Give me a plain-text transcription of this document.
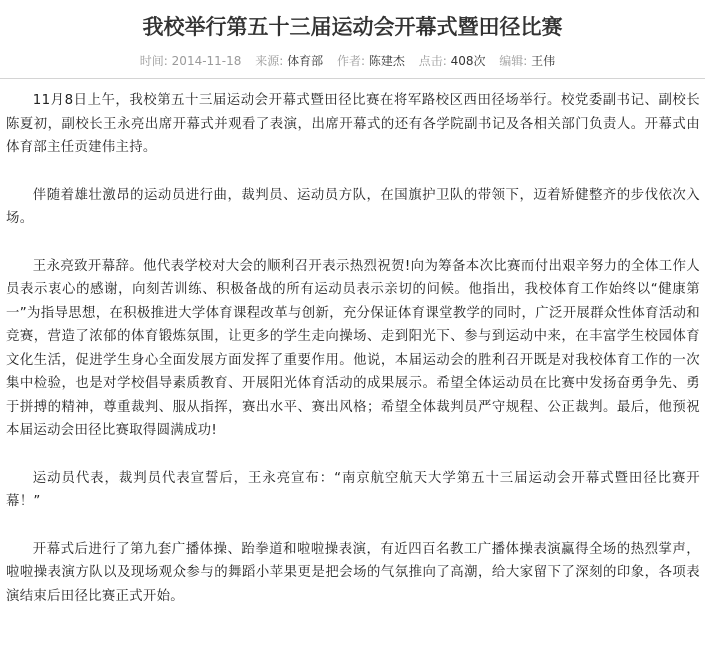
我校举行第五十三届运动会开幕式暨田径比赛
时间: 2014-11-18 来源: 体育部 作者: 陈建杰 点击: 408次 编辑: 王伟

11月8日上午，我校第五十三届运动会开幕式暨田径比赛在将军路校区西田径场举行。校党委副书记、副校长陈夏初，副校长王永亮出席开幕式并观看了表演，出席开幕式的还有各学院副书记及各相关部门负责人。开幕式由体育部主任贡建伟主持。

伴随着雄壮激昂的运动员进行曲，裁判员、运动员方队，在国旗护卫队的带领下，迈着矫健整齐的步伐依次入场。

王永亮致开幕辞。他代表学校对大会的顺利召开表示热烈祝贺!向为筹备本次比赛而付出艰辛努力的全体工作人员表示衷心的感谢，向刻苦训练、积极备战的所有运动员表示亲切的问候。他指出，我校体育工作始终以“健康第一”为指导思想，在积极推进大学体育课程改革与创新，充分保证体育课堂教学的同时，广泛开展群众性体育活动和竞赛，营造了浓郁的体育锻炼氛围，让更多的学生走向操场、走到阳光下、参与到运动中来，在丰富学生校园体育文化生活，促进学生身心全面发展方面发挥了重要作用。他说，本届运动会的胜利召开既是对我校体育工作的一次集中检验，也是对学校倡导素质教育、开展阳光体育活动的成果展示。希望全体运动员在比赛中发扬奋勇争先、勇于拼搏的精神，尊重裁判、服从指挥，赛出水平、赛出风格；希望全体裁判员严守规程、公正裁判。最后，他预祝本届运动会田径比赛取得圆满成功!

运动员代表，裁判员代表宣誓后，王永亮宣布：“南京航空航天大学第五十三届运动会开幕式暨田径比赛开幕！”

开幕式后进行了第九套广播体操、跆拳道和啦啦操表演，有近四百名教工广播体操表演赢得全场的热烈掌声，啦啦操表演方队以及现场观众参与的舞蹈小苹果更是把会场的气氛推向了高潮，给大家留下了深刻的印象，各项表演结束后田径比赛正式开始。
